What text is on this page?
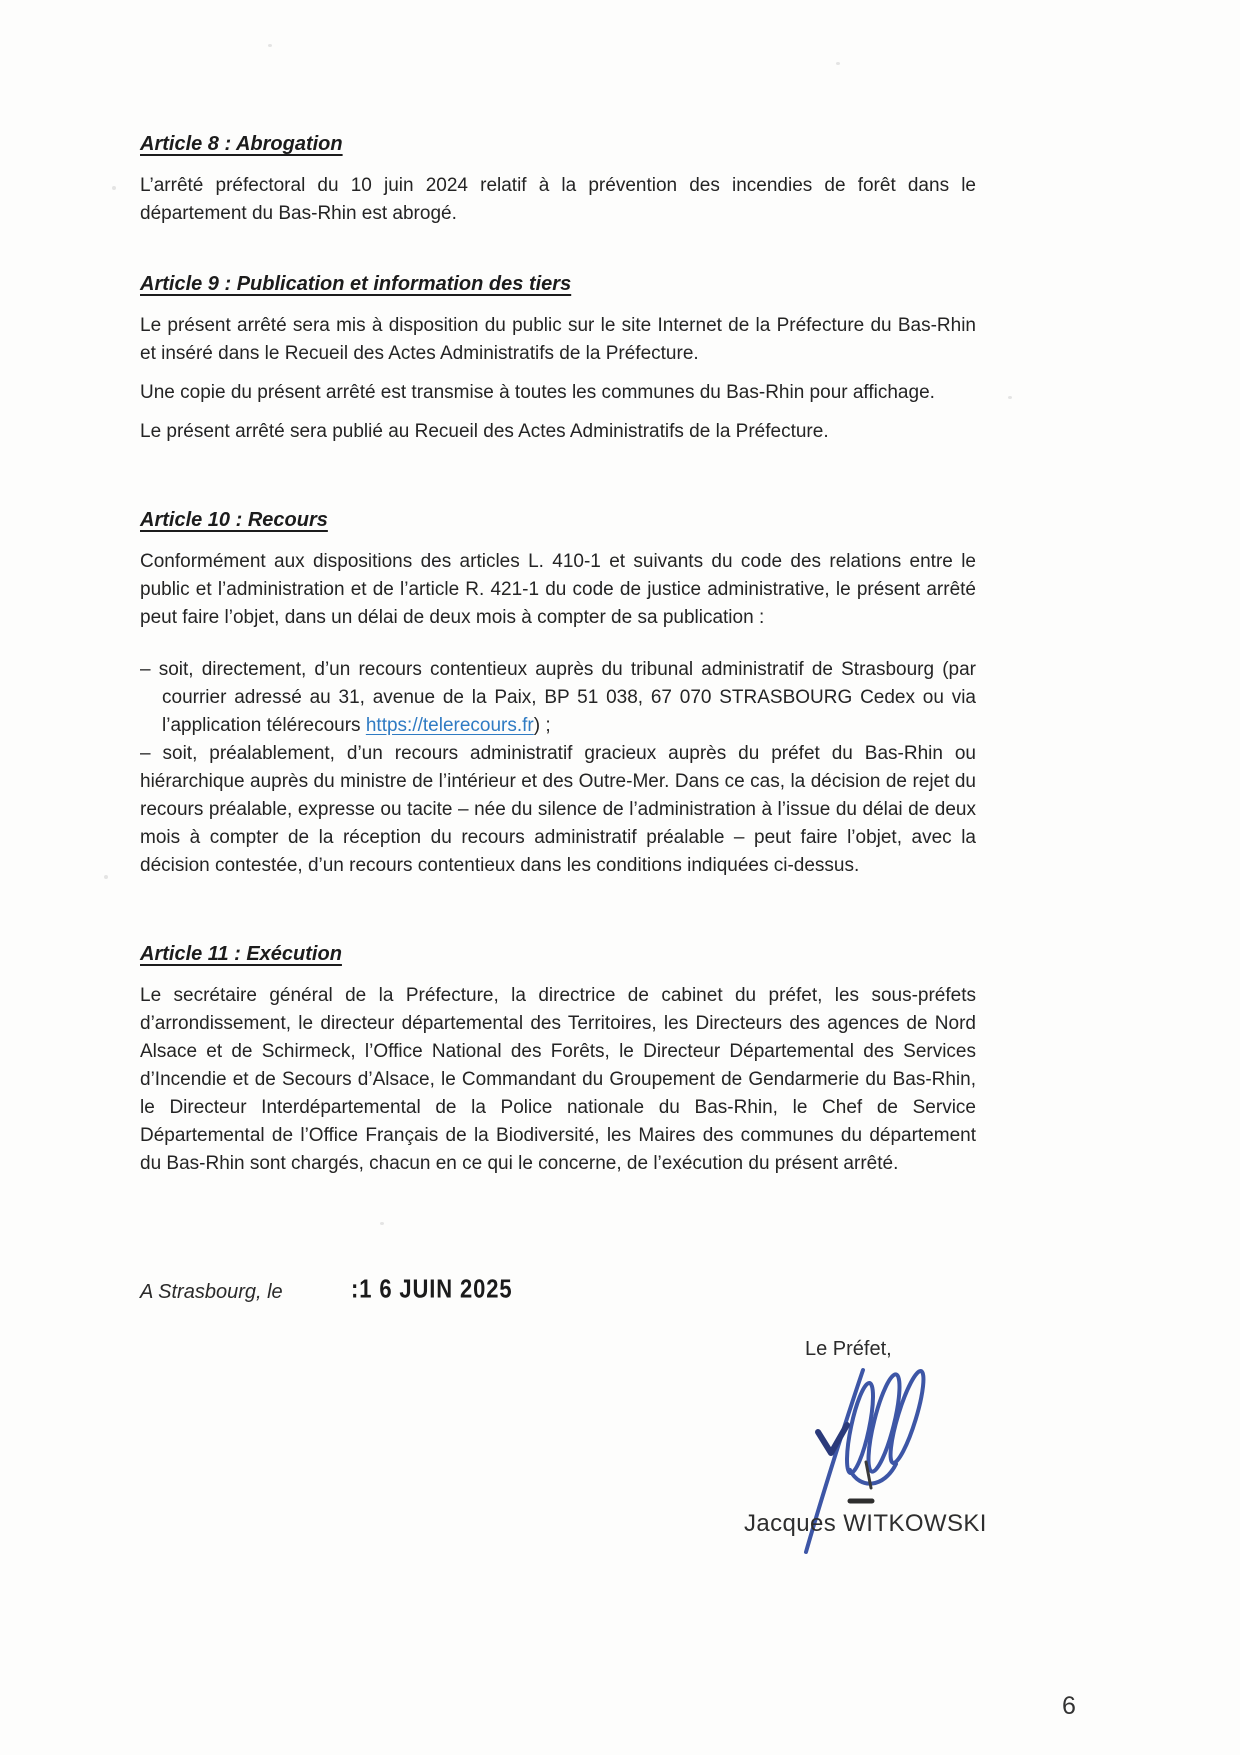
Article 8 : Abrogation

L’arrêté préfectoral du 10 juin 2024 relatif à la prévention des incendies de forêt dans le département du Bas-Rhin est abrogé.

Article 9 : Publication et information des tiers

Le présent arrêté sera mis à disposition du public sur le site Internet de la Préfecture du Bas-Rhin et inséré dans le Recueil des Actes Administratifs de la Préfecture.

Une copie du présent arrêté est transmise à toutes les communes du Bas-Rhin pour affichage.

Le présent arrêté sera publié au Recueil des Actes Administratifs de la Préfecture.

Article 10 : Recours

Conformément aux dispositions des articles L. 410-1 et suivants du code des relations entre le public et l’administration et de l’article R. 421-1 du code de justice administrative, le présent arrêté peut faire l’objet, dans un délai de deux mois à compter de sa publication :

– soit, directement, d’un recours contentieux auprès du tribunal administratif de Strasbourg (par courrier adressé au 31, avenue de la Paix, BP 51 038, 67 070 STRASBOURG Cedex ou via l’application télérecours https://telerecours.fr) ;
– soit, préalablement, d’un recours administratif gracieux auprès du préfet du Bas-Rhin ou hiérarchique auprès du ministre de l’intérieur et des Outre-Mer. Dans ce cas, la décision de rejet du recours préalable, expresse ou tacite – née du silence de l’administration à l’issue du délai de deux mois à compter de la réception du recours administratif préalable – peut faire l’objet, avec la décision contestée, d’un recours contentieux dans les conditions indiquées ci-dessus.
Article 11 : Exécution

Le secrétaire général de la Préfecture, la directrice de cabinet du préfet, les sous-préfets d’arrondissement, le directeur départemental des Territoires, les Directeurs des agences de Nord Alsace et de Schirmeck, l’Office National des Forêts, le Directeur Départemental des Services d’Incendie et de Secours d’Alsace, le Commandant du Groupement de Gendarmerie du Bas-Rhin, le Directeur Interdépartemental de la Police nationale du Bas-Rhin, le Chef de Service Départemental de l’Office Français de la Biodiversité, les Maires des communes du département du Bas-Rhin sont chargés, chacun en ce qui le concerne, de l’exécution du présent arrêté.

A Strasbourg, le	:1 6 JUIN 2025
Le Préfet,
Jacques WITKOWSKI
6
